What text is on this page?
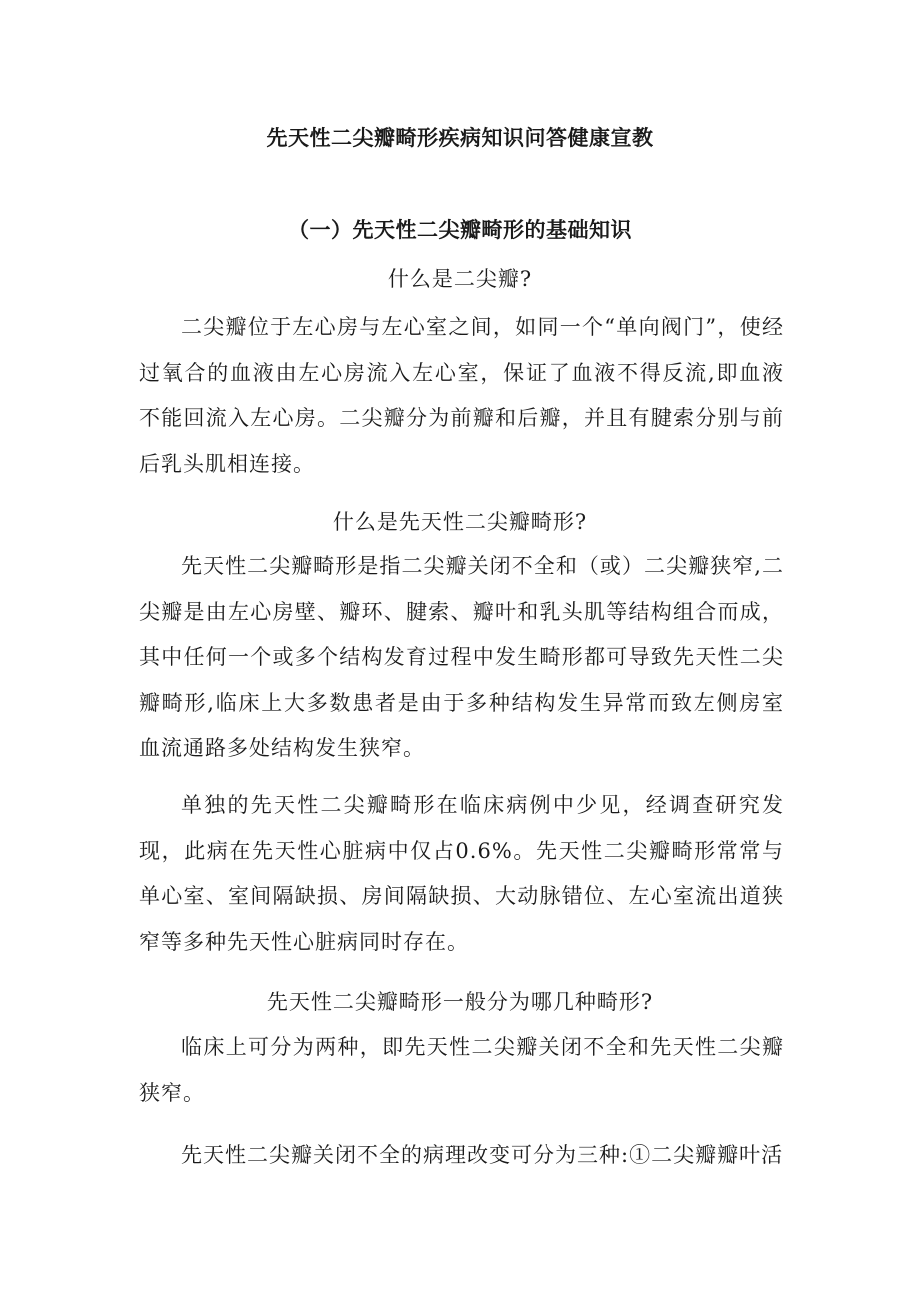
先天性二尖瓣畸形疾病知识问答健康宣教
（一）先天性二尖瓣畸形的基础知识
什么是二尖瓣?

二尖瓣位于左心房与左心室之间，如同一个“单向阀门”，使经过氧合的血液由左心房流入左心室，保证了血液不得反流,即血液不能回流入左心房。二尖瓣分为前瓣和后瓣，并且有腱索分别与前后乳头肌相连接。

什么是先天性二尖瓣畸形?

先天性二尖瓣畸形是指二尖瓣关闭不全和（或）二尖瓣狭窄,二尖瓣是由左心房壁、瓣环、腱索、瓣叶和乳头肌等结构组合而成，其中任何一个或多个结构发育过程中发生畸形都可导致先天性二尖瓣畸形,临床上大多数患者是由于多种结构发生异常而致左侧房室血流通路多处结构发生狭窄。

单独的先天性二尖瓣畸形在临床病例中少见，经调查研究发现，此病在先天性心脏病中仅占0.6%。先天性二尖瓣畸形常常与单心室、室间隔缺损、房间隔缺损、大动脉错位、左心室流出道狭窄等多种先天性心脏病同时存在。

先天性二尖瓣畸形一般分为哪几种畸形?

临床上可分为两种，即先天性二尖瓣关闭不全和先天性二尖瓣狭窄。

先天性二尖瓣关闭不全的病理改变可分为三种:①二尖瓣瓣叶活
